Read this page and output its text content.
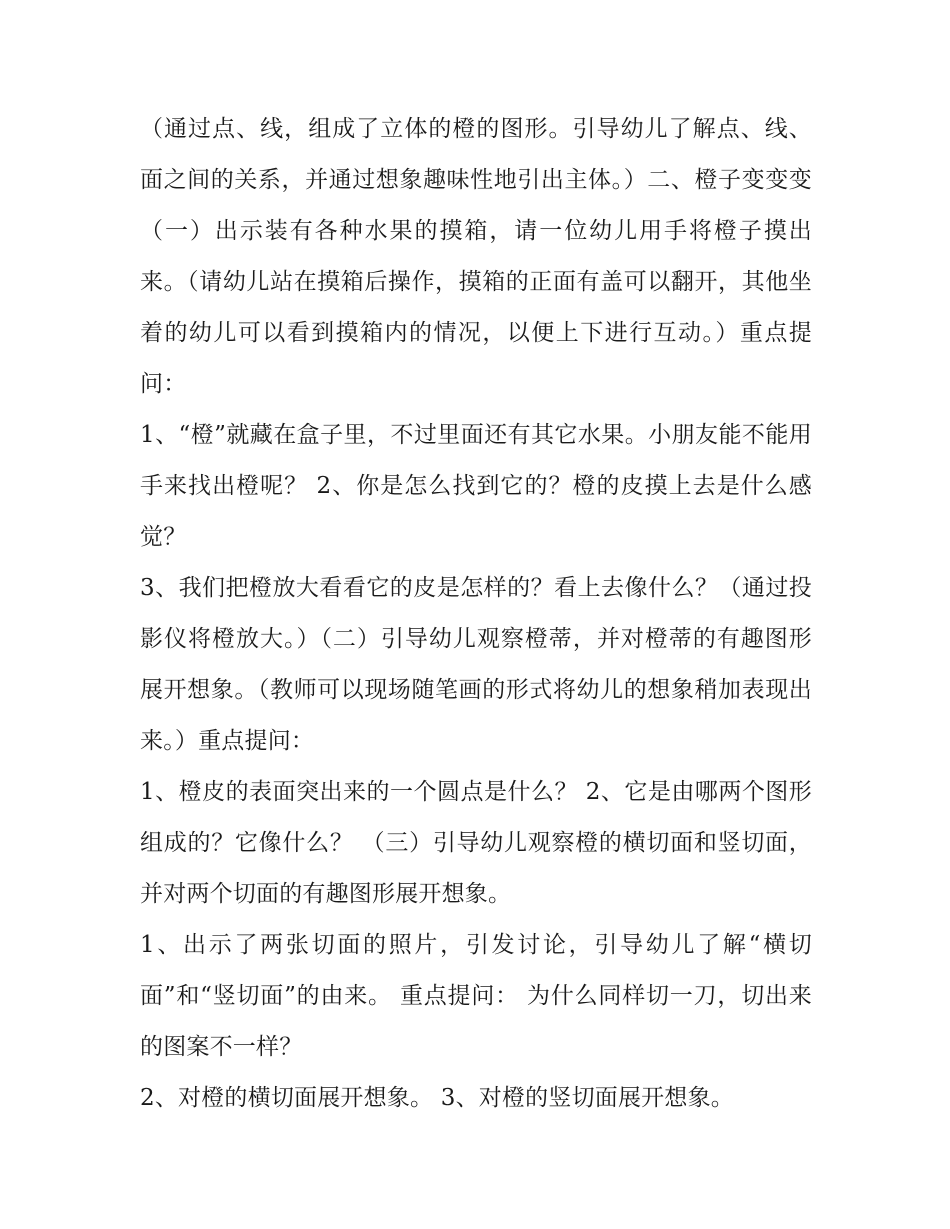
（通过点、线，组成了立体的橙的图形。引导幼儿了解点、线、面之间的关系，并通过想象趣味性地引出主体。）二、橙子变变变（一）出示装有各种水果的摸箱，请一位幼儿用手将橙子摸出来。（请幼儿站在摸箱后操作，摸箱的正面有盖可以翻开，其他坐着的幼儿可以看到摸箱内的情况，以便上下进行互动。）重点提问：

1、“橙”就藏在盒子里，不过里面还有其它水果。小朋友能不能用手来找出橙呢？ 2、你是怎么找到它的？橙的皮摸上去是什么感觉？

3、我们把橙放大看看它的皮是怎样的？看上去像什么？（通过投影仪将橙放大。）（二）引导幼儿观察橙蒂，并对橙蒂的有趣图形展开想象。（教师可以现场随笔画的形式将幼儿的想象稍加表现出来。）重点提问：

1、橙皮的表面突出来的一个圆点是什么？ 2、它是由哪两个图形组成的？它像什么？ （三）引导幼儿观察橙的横切面和竖切面，并对两个切面的有趣图形展开想象。

1、出示了两张切面的照片，引发讨论，引导幼儿了解“横切面”和“竖切面”的由来。 重点提问： 为什么同样切一刀，切出来的图案不一样？

2、对橙的横切面展开想象。 3、对橙的竖切面展开想象。
